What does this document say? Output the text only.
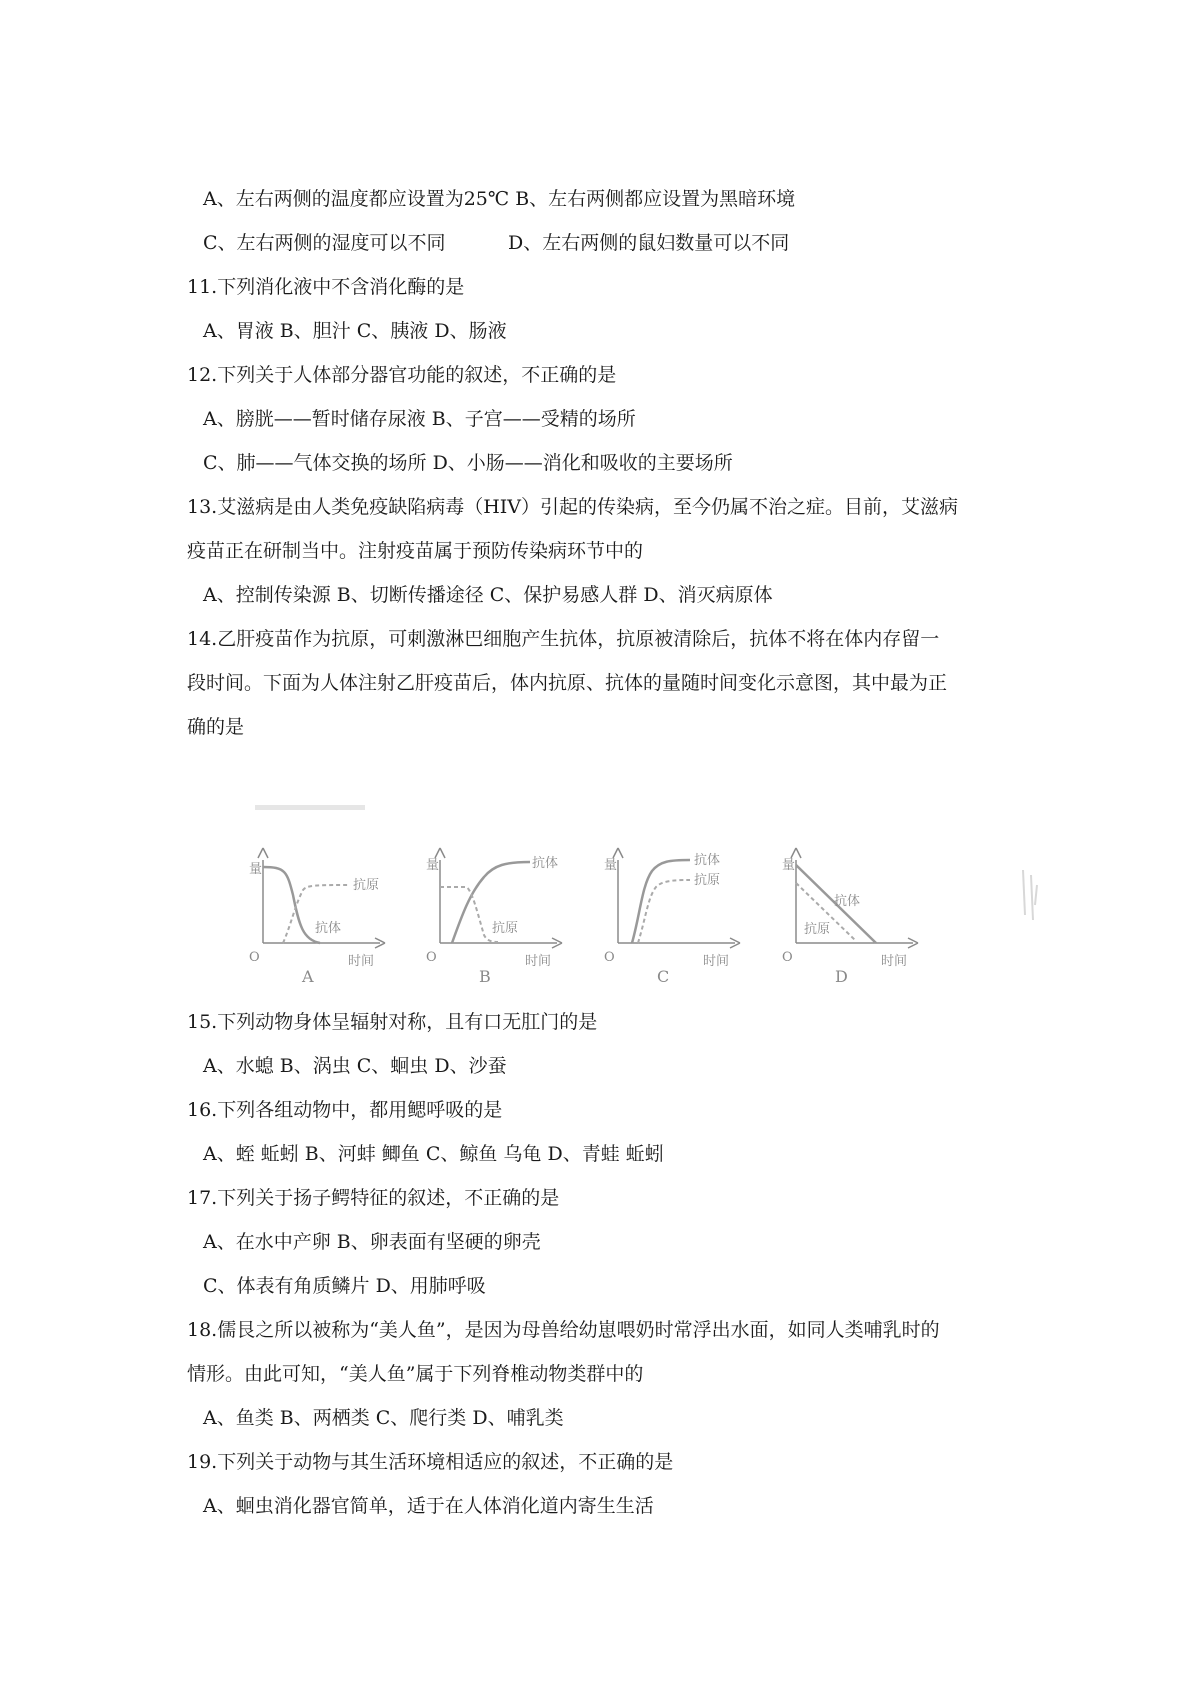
A、左右两侧的温度都应设置为25℃ B、左右两侧都应设置为黑暗环境
C、左右两侧的湿度可以不同	D、左右两侧的鼠妇数量可以不同
11.下列消化液中不含消化酶的是
A、胃液 B、胆汁 C、胰液 D、肠液
12.下列关于人体部分器官功能的叙述，不正确的是
A、膀胱——暂时储存尿液 B、子宫——受精的场所
C、肺——气体交换的场所 D、小肠——消化和吸收的主要场所
13.艾滋病是由人类免疫缺陷病毒（HIV）引起的传染病，至今仍属不治之症。目前，艾滋病
疫苗正在研制当中。注射疫苗属于预防传染病环节中的
A、控制传染源 B、切断传播途径 C、保护易感人群 D、消灭病原体
14.乙肝疫苗作为抗原，可刺激淋巴细胞产生抗体，抗原被清除后，抗体不将在体内存留一
段时间。下面为人体注射乙肝疫苗后，体内抗原、抗体的量随时间变化示意图，其中最为正
确的是
量
O
抗原
抗体
时间
A
量
O
抗体
抗原
时间
B
量
O
抗体
抗原
时间
C
量
O
抗体
抗原
时间
D
15.下列动物身体呈辐射对称，且有口无肛门的是
A、水螅 B、涡虫 C、蛔虫 D、沙蚕
16.下列各组动物中，都用鳃呼吸的是
A、蛭 蚯蚓 B、河蚌 鲫鱼 C、鲸鱼 乌龟 D、青蛙 蚯蚓
17.下列关于扬子鳄特征的叙述，不正确的是
A、在水中产卵 B、卵表面有坚硬的卵壳
C、体表有角质鳞片 D、用肺呼吸
18.儒艮之所以被称为“美人鱼”，是因为母兽给幼崽喂奶时常浮出水面，如同人类哺乳时的
情形。由此可知，“美人鱼”属于下列脊椎动物类群中的
A、鱼类 B、两栖类 C、爬行类 D、哺乳类
19.下列关于动物与其生活环境相适应的叙述，不正确的是
A、蛔虫消化器官简单，适于在人体消化道内寄生生活
